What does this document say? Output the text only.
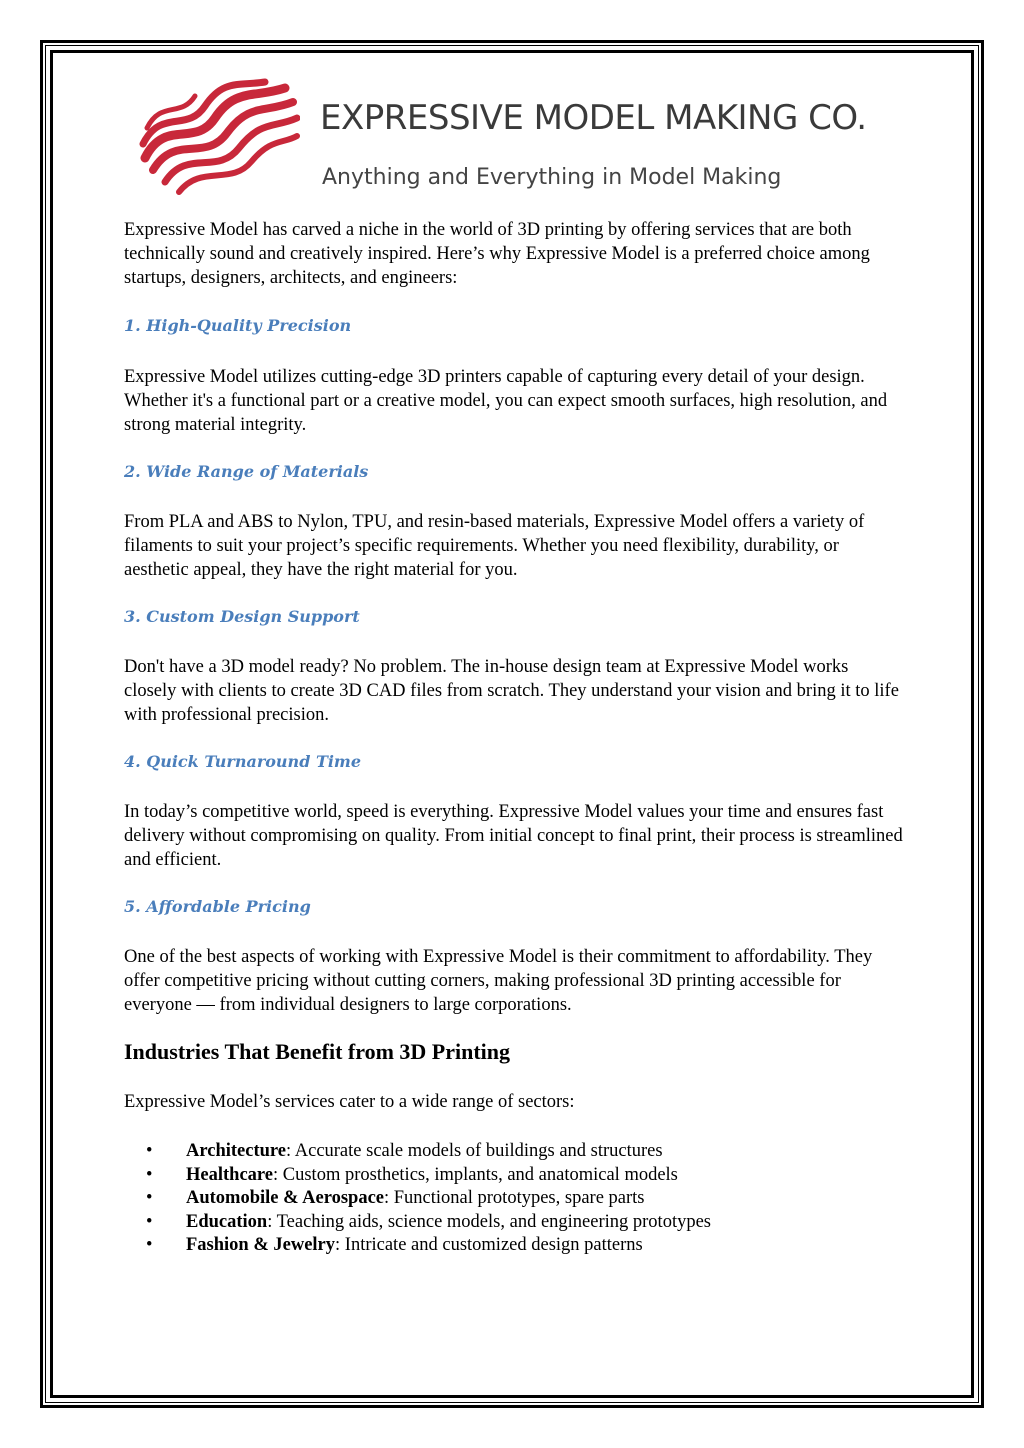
EXPRESSIVE MODEL MAKING CO.
Anything and Everything in Model Making

Expressive Model has carved a niche in the world of 3D printing by offering services that are both technically sound and creatively inspired. Here’s why Expressive Model is a preferred choice among startups, designers, architects, and engineers:

1. High-Quality Precision

Expressive Model utilizes cutting-edge 3D printers capable of capturing every detail of your design. Whether it's a functional part or a creative model, you can expect smooth surfaces, high resolution, and strong material integrity.

2. Wide Range of Materials

From PLA and ABS to Nylon, TPU, and resin-based materials, Expressive Model offers a variety of filaments to suit your project’s specific requirements. Whether you need flexibility, durability, or aesthetic appeal, they have the right material for you.

3. Custom Design Support

Don't have a 3D model ready? No problem. The in-house design team at Expressive Model works closely with clients to create 3D CAD files from scratch. They understand your vision and bring it to life with professional precision.

4. Quick Turnaround Time

In today’s competitive world, speed is everything. Expressive Model values your time and ensures fast delivery without compromising on quality. From initial concept to final print, their process is streamlined and efficient.

5. Affordable Pricing

One of the best aspects of working with Expressive Model is their commitment to affordability. They offer competitive pricing without cutting corners, making professional 3D printing accessible for everyone — from individual designers to large corporations.

Industries That Benefit from 3D Printing

Expressive Model’s services cater to a wide range of sectors:

• Architecture: Accurate scale models of buildings and structures
• Healthcare: Custom prosthetics, implants, and anatomical models
• Automobile & Aerospace: Functional prototypes, spare parts
• Education: Teaching aids, science models, and engineering prototypes
• Fashion & Jewelry: Intricate and customized design patterns
